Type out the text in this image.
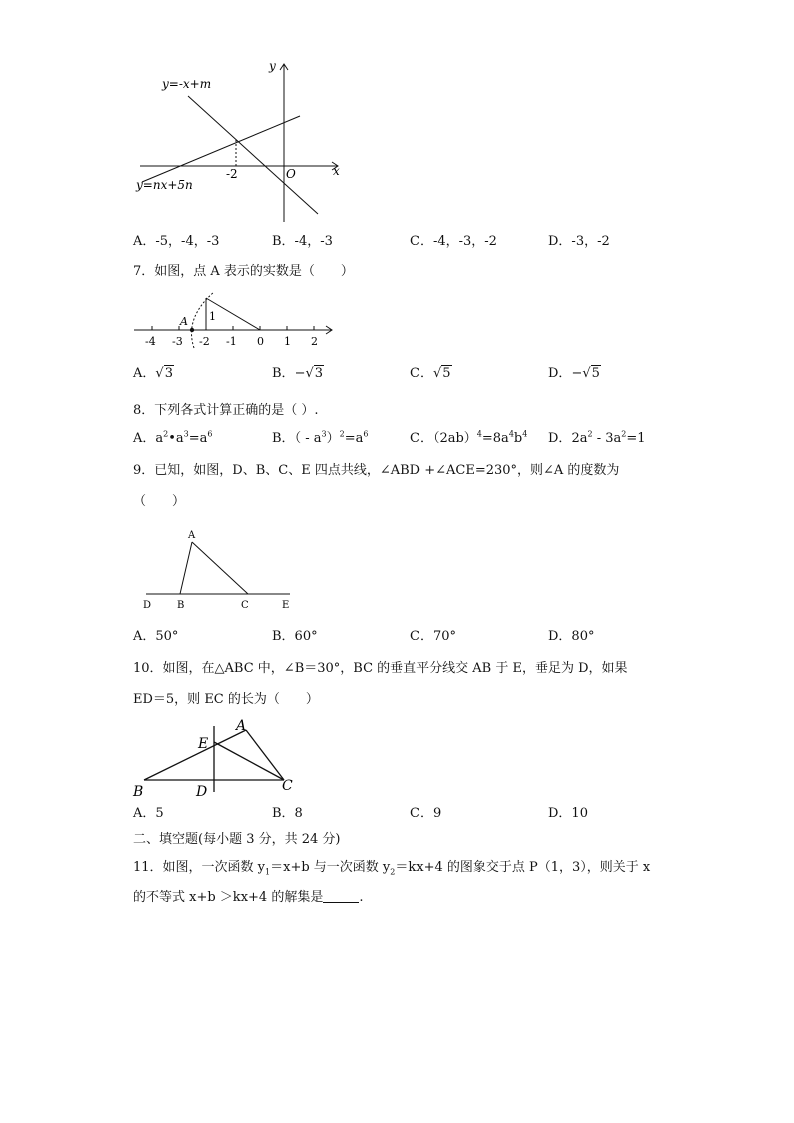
y=-x+m
y=nx+5n
y
x
O
-2
A．-5，-4，-3	B．-4，-3	C．-4，-3，-2	D．-3，-2
7．如图，点 A 表示的实数是（　　）
A 1
-4 -3 -2 -1 0 1 2
A．√3	B．−√3	C．√5	D．−√5
8．下列各式计算正确的是（ ）.
A．$a^2•a^3=a^6$	B．（ - $a^3)^2=a^6$	C．$(2ab)^4=8a^4b^4$ D．$2a^2 - 3a^2=1$
9．已知，如图，D、B、C、E 四点共线，∠ABD +∠ACE=230°，则∠A 的度数为
（　　）
A
D	B	C	E
A．50°	B．60°	C．70°	D．80°
10．如图，在△ABC 中，∠B＝30°，BC 的垂直平分线交 AB 于 E，垂足为 D，如果
ED＝5，则 EC 的长为（　　）
A
E
B	D	C
A．5	B．8	C．9	D．10
二、填空题(每小题 3 分，共 24 分)
11．如图，一次函数 $y_1=x+b$ 与一次函数 $y_2=kx+4$ 的图象交于点 P（1，3），则关于 x
的不等式 x+b ＞kx+4 的解集是	.
